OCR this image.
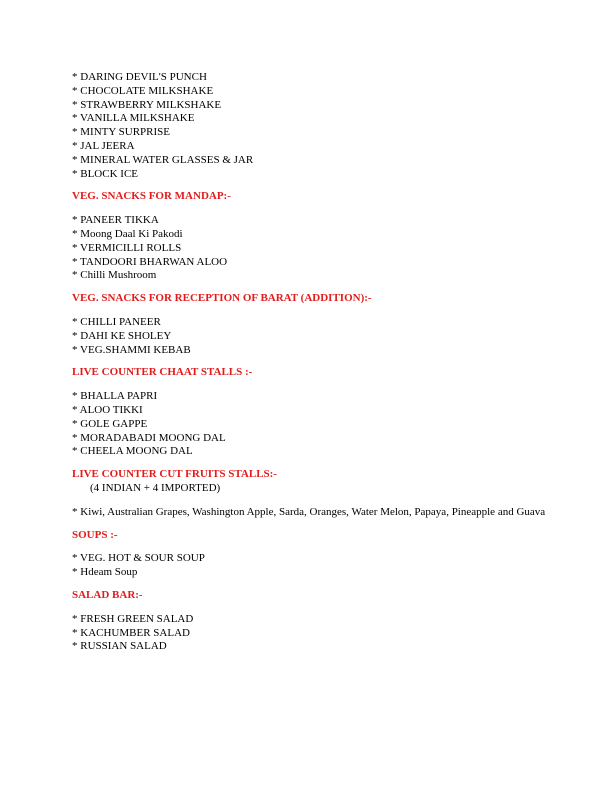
* DARING DEVIL'S PUNCH
* CHOCOLATE MILKSHAKE
* STRAWBERRY MILKSHAKE
* VANILLA MILKSHAKE
* MINTY SURPRISE
* JAL JEERA
* MINERAL WATER GLASSES & JAR
* BLOCK ICE
VEG. SNACKS FOR MANDAP:-
* PANEER TIKKA
* Moong Daal Ki Pakodi
* VERMICILLI ROLLS
* TANDOORI BHARWAN ALOO
* Chilli Mushroom
VEG. SNACKS FOR RECEPTION OF BARAT (ADDITION):-
* CHILLI PANEER
* DAHI KE SHOLEY
* VEG.SHAMMI KEBAB
LIVE COUNTER CHAAT STALLS :-
* BHALLA PAPRI
* ALOO TIKKI
* GOLE GAPPE
* MORADABADI MOONG DAL
* CHEELA MOONG DAL
LIVE COUNTER CUT FRUITS STALLS:-
(4 INDIAN + 4 IMPORTED)
* Kiwi, Australian Grapes, Washington Apple, Sarda, Oranges, Water Melon, Papaya, Pineapple and Guava
SOUPS :-
* VEG. HOT & SOUR SOUP
* Hdeam Soup
SALAD BAR:-
* FRESH GREEN SALAD
* KACHUMBER SALAD
* RUSSIAN SALAD
